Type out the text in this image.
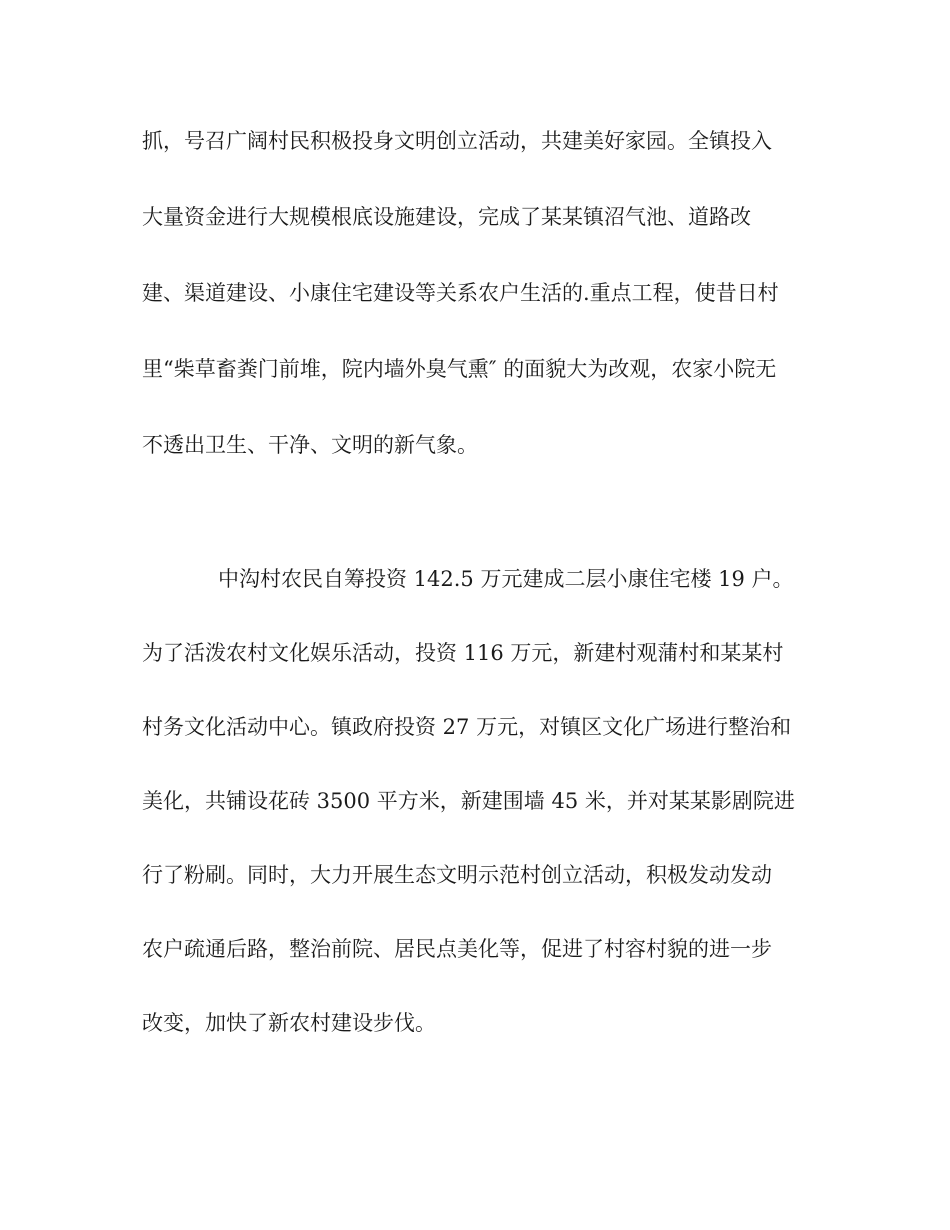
抓，号召广阔村民积极投身文明创立活动，共建美好家园。全镇投入
大量资金进行大规模根底设施建设，完成了某某镇沼气池、道路改
建、渠道建设、小康住宅建设等关系农户生活的.重点工程，使昔日村
里“柴草畜粪门前堆，院内墙外臭气熏″ 的面貌大为改观，农家小院无
不透出卫生、干净、文明的新气象。
中沟村农民自筹投资 142.5 万元建成二层小康住宅楼 19 户。
为了活泼农村文化娱乐活动，投资 116 万元，新建村观蒲村和某某村
村务文化活动中心。镇政府投资 27 万元，对镇区文化广场进行整治和
美化，共铺设花砖 3500 平方米，新建围墙 45 米，并对某某影剧院进
行了粉刷。同时，大力开展生态文明示范村创立活动，积极发动发动
农户疏通后路，整治前院、居民点美化等，促进了村容村貌的进一步
改变，加快了新农村建设步伐。
